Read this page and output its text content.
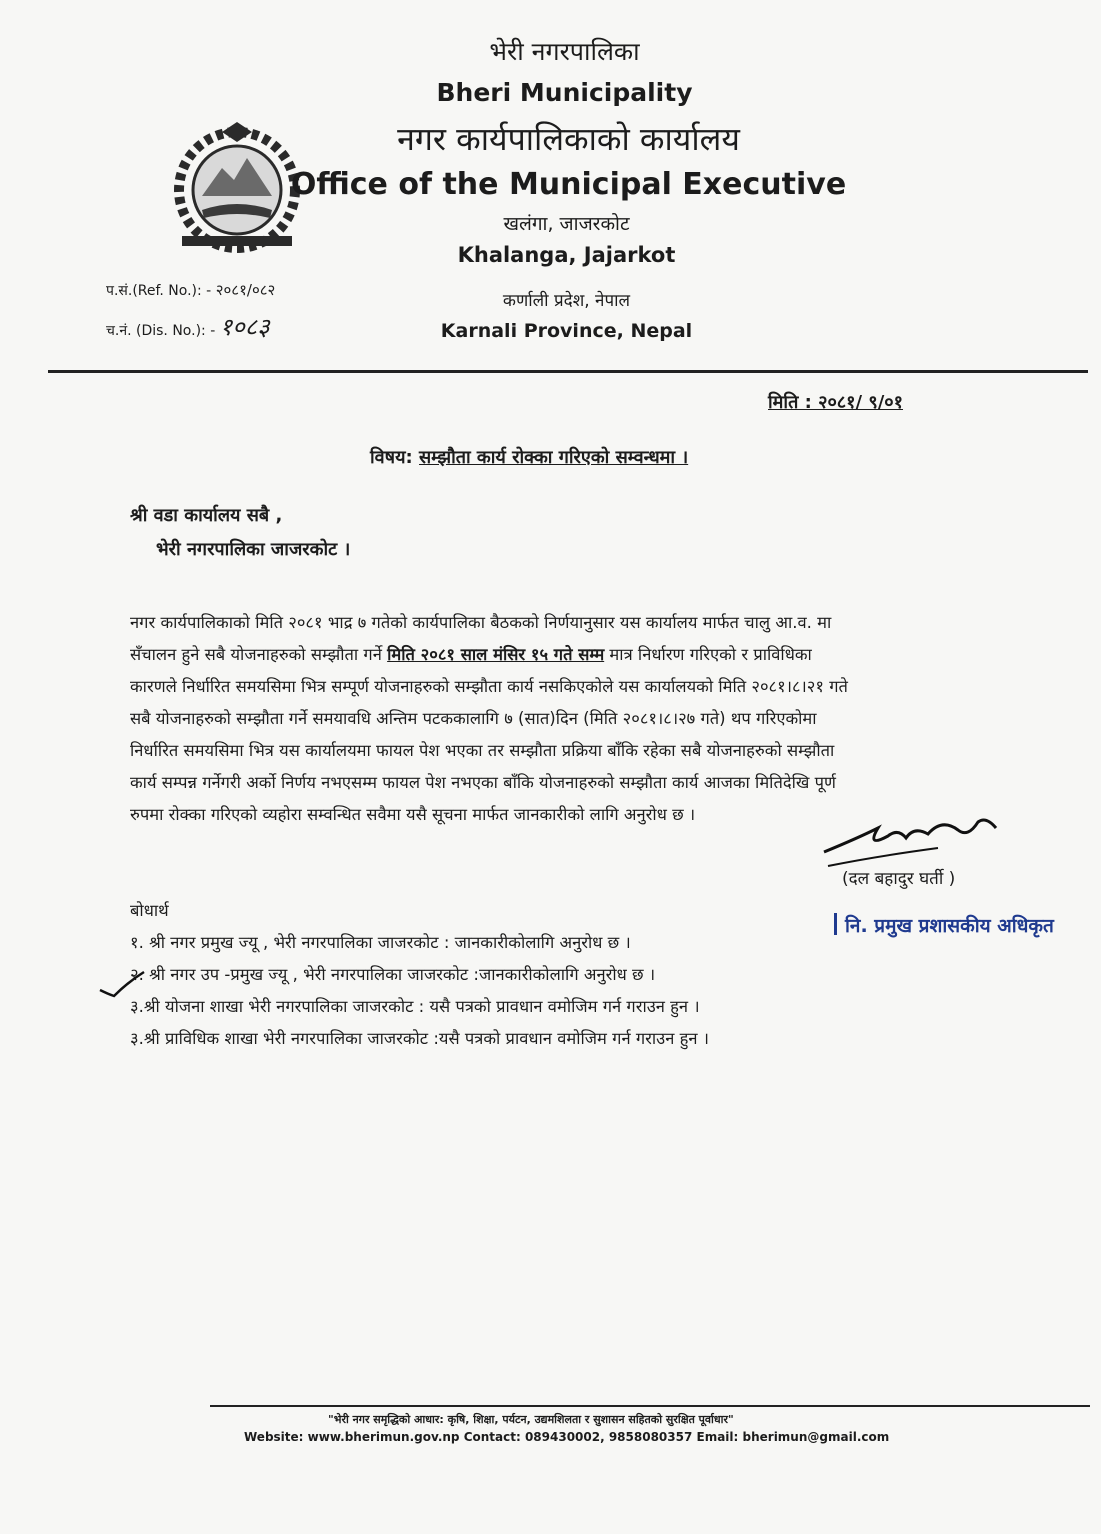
भेरी नगरपालिका
Bheri Municipality
नगर कार्यपालिकाको कार्यालय
Office of the Municipal Executive
खलंगा, जाजरकोट
Khalanga, Jajarkot
कर्णाली प्रदेश, नेपाल
Karnali Province, Nepal
प.सं.(Ref. No.): - २०८१/०८२
च.नं. (Dis. No.): - १०८३
मिति : २०८१/ ९/०१
विषय: सम्झौता कार्य रोक्का गरिएको सम्वन्धमा ।
श्री वडा कार्यालय सबै ,
भेरी नगरपालिका जाजरकोट ।
नगर कार्यपालिकाको मिति २०८१ भाद्र ७ गतेको कार्यपालिका बैठकको निर्णयानुसार यस कार्यालय मार्फत चालु आ.व. मा
सँचालन हुने सबै योजनाहरुको सम्झौता गर्ने मिति २०८१ साल मंसिर १५ गते सम्म मात्र निर्धारण गरिएको र प्राविधिका
कारणले निर्धारित समयसिमा भित्र सम्पूर्ण योजनाहरुको सम्झौता कार्य नसकिएकोले यस कार्यालयको मिति २०८१।८।२१ गते
सबै योजनाहरुको सम्झौता गर्ने समयावधि अन्तिम पटककालागि ७ (सात)दिन (मिति २०८१।८।२७ गते) थप गरिएकोमा
निर्धारित समयसिमा भित्र यस कार्यालयमा फायल पेश भएका तर सम्झौता प्रक्रिया बाँकि रहेका सबै योजनाहरुको सम्झौता
कार्य सम्पन्न गर्नेगरी अर्को निर्णय नभएसम्म फायल पेश नभएका बाँकि योजनाहरुको सम्झौता कार्य आजका मितिदेखि पूर्ण
रुपमा रोक्का गरिएको व्यहोरा सम्वन्धित सवैमा यसै सूचना मार्फत जानकारीको लागि अनुरोध छ ।
(दल बहादुर घर्ती )
नि. प्रमुख प्रशासकीय अधिकृत
बोधार्थ
१. श्री नगर प्रमुख ज्यू , भेरी नगरपालिका जाजरकोट : जानकारीकोलागि अनुरोध छ ।
२. श्री नगर उप -प्रमुख ज्यू , भेरी नगरपालिका जाजरकोट :जानकारीकोलागि अनुरोध छ ।
३.श्री योजना शाखा भेरी नगरपालिका जाजरकोट : यसै पत्रको प्रावधान वमोजिम गर्न गराउन हुन ।
३.श्री प्राविधिक शाखा भेरी नगरपालिका जाजरकोट :यसै पत्रको प्रावधान वमोजिम गर्न गराउन हुन ।
"भेरी नगर समृद्धिको आधार: कृषि, शिक्षा, पर्यटन, उद्यमशिलता र सुशासन सहितको सुरक्षित पूर्वाधार"
Website: www.bherimun.gov.np Contact: 089430002, 9858080357 Email: bherimun@gmail.com
